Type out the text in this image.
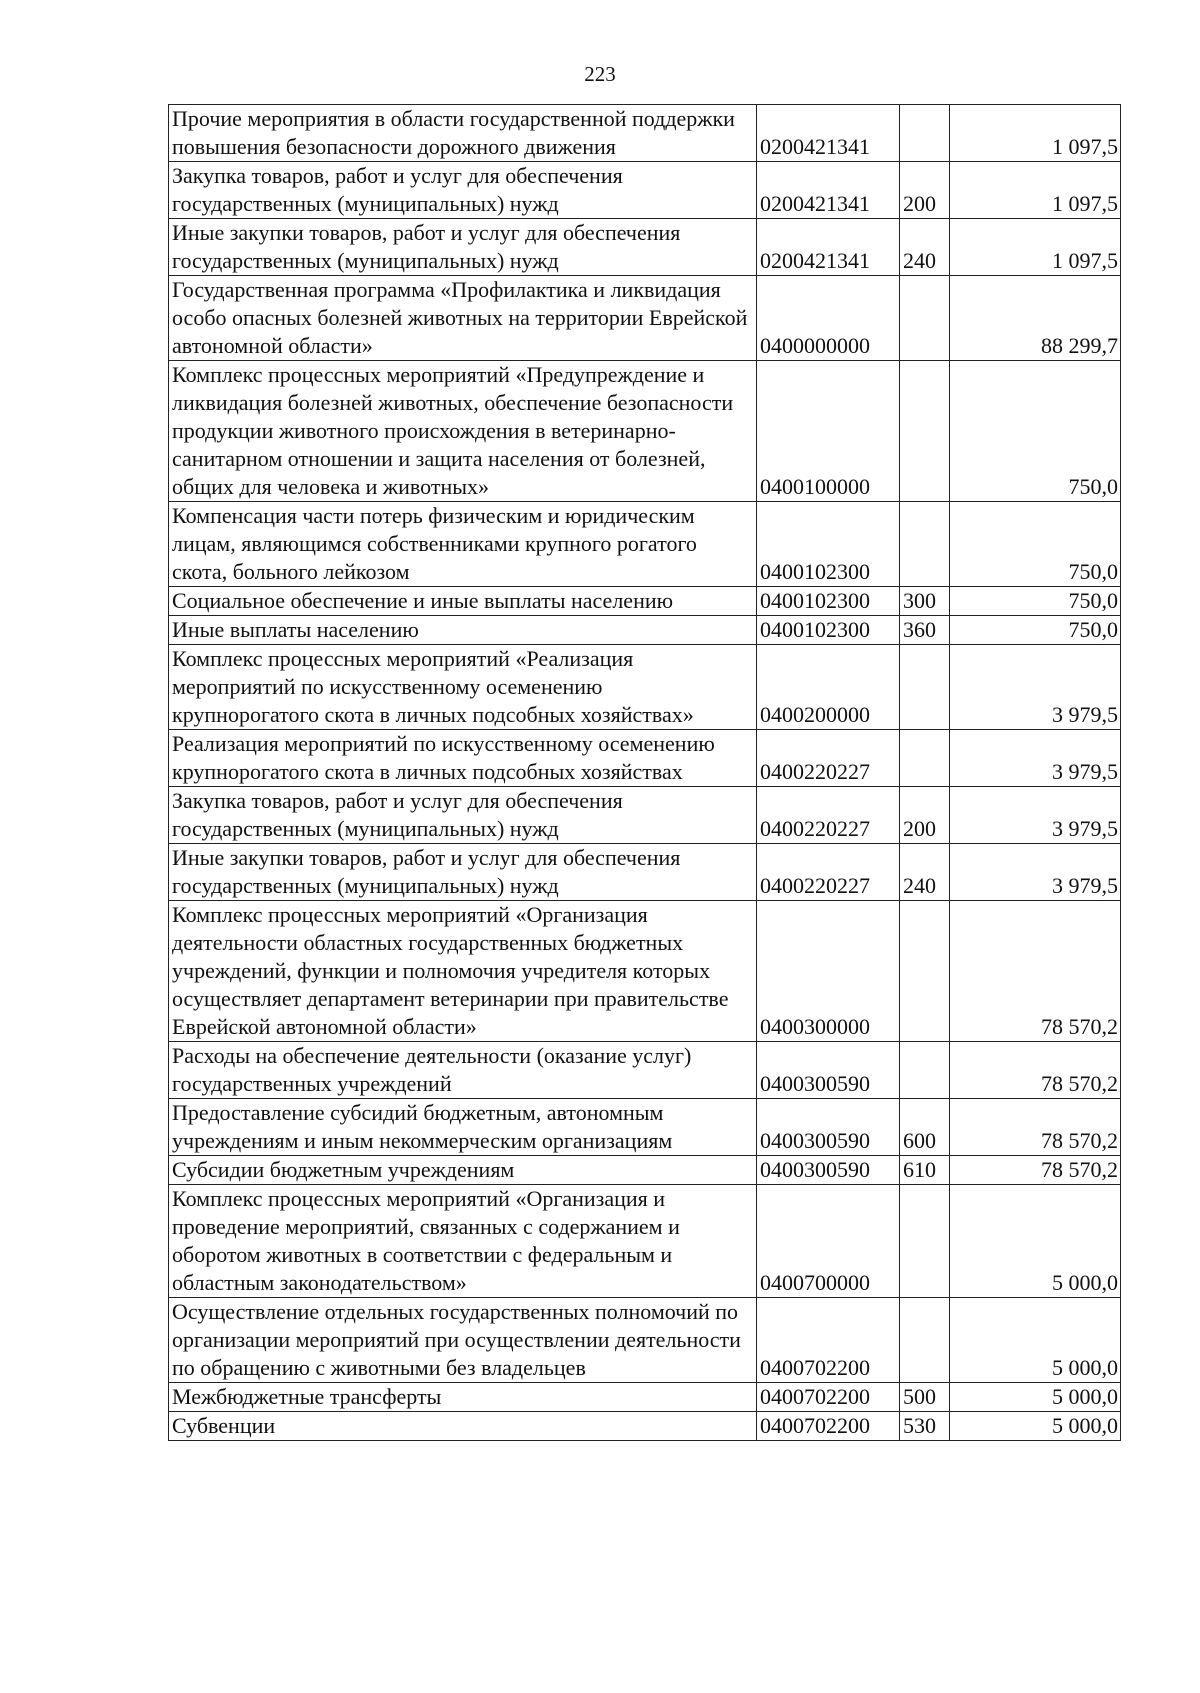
223
Прочие мероприятия в области государственной поддержки повышения безопасности дорожного движения	0200421341		1 097,5
Закупка товаров, работ и услуг для обеспечения государственных (муниципальных) нужд	0200421341	200	1 097,5
Иные закупки товаров, работ и услуг для обеспечения государственных (муниципальных) нужд	0200421341	240	1 097,5
Государственная программа «Профилактика и ликвидация особо опасных болезней животных на территории Еврейской автономной области»	0400000000		88 299,7
Комплекс процессных мероприятий «Предупреждение и ликвидация болезней животных, обеспечение безопасности продукции животного происхождения в ветеринарно-санитарном отношении и защита населения от болезней, общих для человека и животных»	0400100000		750,0
Компенсация части потерь физическим и юридическим лицам, являющимся собственниками крупного рогатого скота, больного лейкозом	0400102300		750,0
Социальное обеспечение и иные выплаты населению	0400102300	300	750,0
Иные выплаты населению	0400102300	360	750,0
Комплекс процессных мероприятий «Реализация мероприятий по искусственному осеменению крупнорогатого скота в личных подсобных хозяйствах»	0400200000		3 979,5
Реализация мероприятий по искусственному осеменению крупнорогатого скота в личных подсобных хозяйствах	0400220227		3 979,5
Закупка товаров, работ и услуг для обеспечения государственных (муниципальных) нужд	0400220227	200	3 979,5
Иные закупки товаров, работ и услуг для обеспечения государственных (муниципальных) нужд	0400220227	240	3 979,5
Комплекс процессных мероприятий «Организация деятельности областных государственных бюджетных учреждений, функции и полномочия учредителя которых осуществляет департамент ветеринарии при правительстве Еврейской автономной области»	0400300000		78 570,2
Расходы на обеспечение деятельности (оказание услуг) государственных учреждений	0400300590		78 570,2
Предоставление субсидий бюджетным, автономным учреждениям и иным некоммерческим организациям	0400300590	600	78 570,2
Субсидии бюджетным учреждениям	0400300590	610	78 570,2
Комплекс процессных мероприятий «Организация и проведение мероприятий, связанных с содержанием и оборотом животных в соответствии с федеральным и областным законодательством»	0400700000		5 000,0
Осуществление отдельных государственных полномочий по организации мероприятий при осуществлении деятельности по обращению с животными без владельцев	0400702200		5 000,0
Межбюджетные трансферты	0400702200	500	5 000,0
Субвенции	0400702200	530	5 000,0
